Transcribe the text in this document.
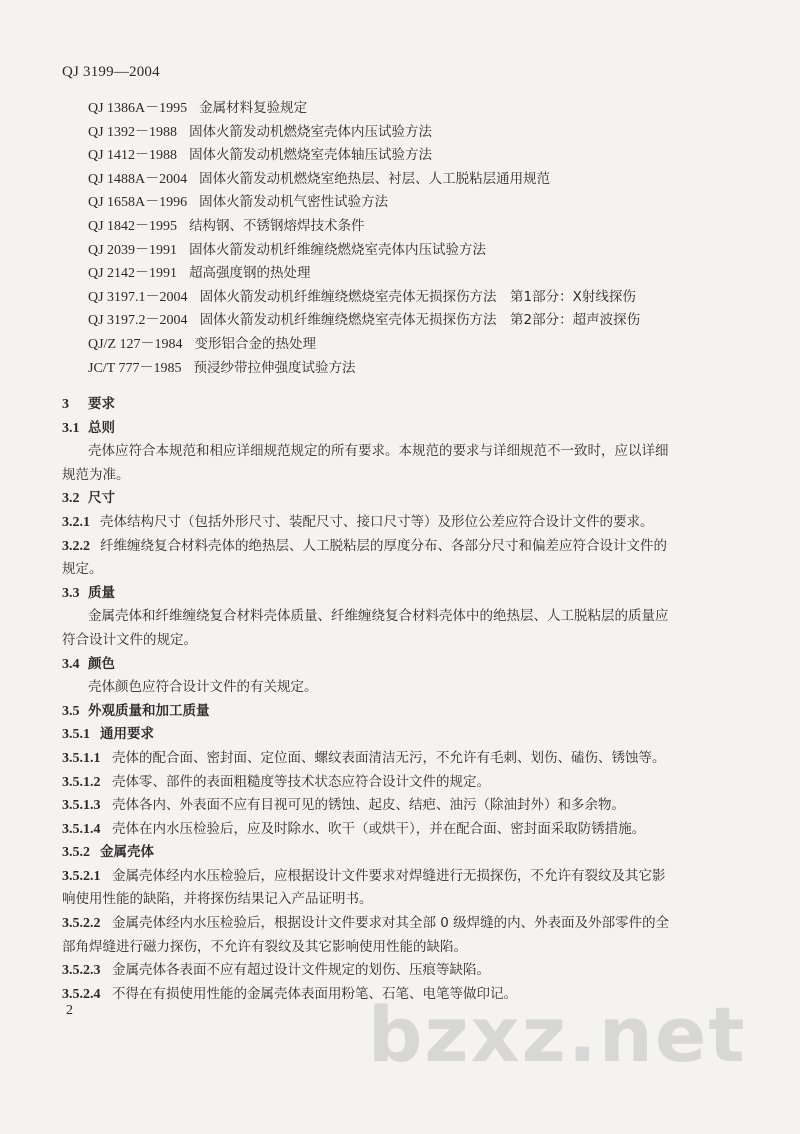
QJ 3199—2004
QJ 1386A－1995 金属材料复验规定
QJ 1392－1988 固体火箭发动机燃烧室壳体内压试验方法
QJ 1412－1988 固体火箭发动机燃烧室壳体轴压试验方法
QJ 1488A－2004 固体火箭发动机燃烧室绝热层、衬层、人工脱粘层通用规范
QJ 1658A－1996 固体火箭发动机气密性试验方法
QJ 1842－1995 结构钢、不锈钢熔焊技术条件
QJ 2039－1991 固体火箭发动机纤维缠绕燃烧室壳体内压试验方法
QJ 2142－1991 超高强度钢的热处理
QJ 3197.1－2004 固体火箭发动机纤维缠绕燃烧室壳体无损探伤方法　第1部分：X射线探伤
QJ 3197.2－2004 固体火箭发动机纤维缠绕燃烧室壳体无损探伤方法　第2部分：超声波探伤
QJ/Z 127－1984 变形铝合金的热处理
JC/T 777－1985 预浸纱带拉伸强度试验方法
3 要求
3.1 总则
壳体应符合本规范和相应详细规范规定的所有要求。本规范的要求与详细规范不一致时，应以详细
规范为准。
3.2 尺寸
3.2.1 壳体结构尺寸（包括外形尺寸、装配尺寸、接口尺寸等）及形位公差应符合设计文件的要求。
3.2.2 纤维缠绕复合材料壳体的绝热层、人工脱粘层的厚度分布、各部分尺寸和偏差应符合设计文件的
规定。
3.3 质量
金属壳体和纤维缠绕复合材料壳体质量、纤维缠绕复合材料壳体中的绝热层、人工脱粘层的质量应
符合设计文件的规定。
3.4 颜色
壳体颜色应符合设计文件的有关规定。
3.5 外观质量和加工质量
3.5.1 通用要求
3.5.1.1 壳体的配合面、密封面、定位面、螺纹表面清洁无污，不允许有毛刺、划伤、磕伤、锈蚀等。
3.5.1.2 壳体零、部件的表面粗糙度等技术状态应符合设计文件的规定。
3.5.1.3 壳体各内、外表面不应有目视可见的锈蚀、起皮、结疤、油污（除油封外）和多余物。
3.5.1.4 壳体在内水压检验后，应及时除水、吹干（或烘干），并在配合面、密封面采取防锈措施。
3.5.2 金属壳体
3.5.2.1 金属壳体经内水压检验后，应根据设计文件要求对焊缝进行无损探伤，不允许有裂纹及其它影
响使用性能的缺陷，并将探伤结果记入产品证明书。
3.5.2.2 金属壳体经内水压检验后，根据设计文件要求对其全部 0 级焊缝的内、外表面及外部零件的全
部角焊缝进行磁力探伤，不允许有裂纹及其它影响使用性能的缺陷。
3.5.2.3 金属壳体各表面不应有超过设计文件规定的划伤、压痕等缺陷。
3.5.2.4 不得在有损使用性能的金属壳体表面用粉笔、石笔、电笔等做印记。
2	bzxz.net
